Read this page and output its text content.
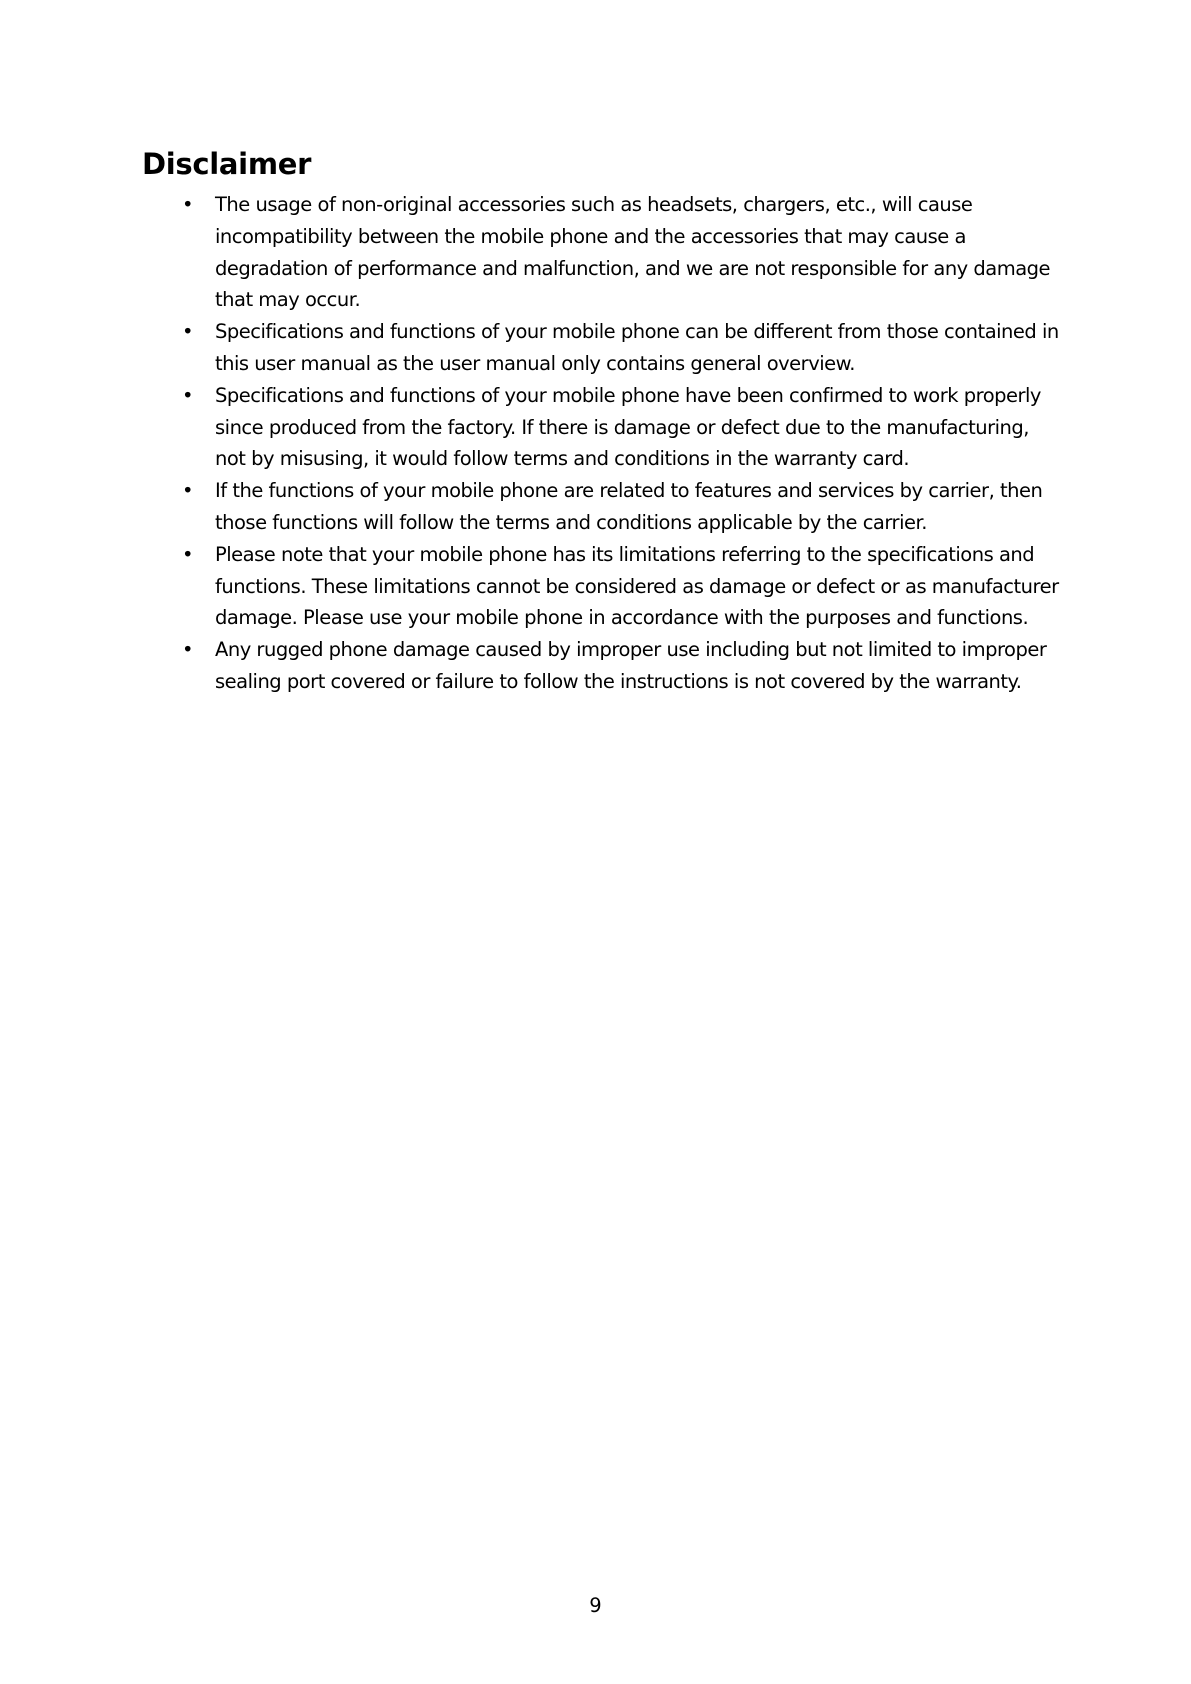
Disclaimer
• The usage of non-original accessories such as headsets, chargers, etc., will cause incompatibility between the mobile phone and the accessories that may cause a degradation of performance and malfunction, and we are not responsible for any damage that may occur.
• Specifications and functions of your mobile phone can be different from those contained in this user manual as the user manual only contains general overview.
• Specifications and functions of your mobile phone have been confirmed to work properly since produced from the factory. If there is damage or defect due to the manufacturing, not by misusing, it would follow terms and conditions in the warranty card.
• If the functions of your mobile phone are related to features and services by carrier, then those functions will follow the terms and conditions applicable by the carrier.
• Please note that your mobile phone has its limitations referring to the specifications and functions. These limitations cannot be considered as damage or defect or as manufacturer damage. Please use your mobile phone in accordance with the purposes and functions.
• Any rugged phone damage caused by improper use including but not limited to improper sealing port covered or failure to follow the instructions is not covered by the warranty.
9
